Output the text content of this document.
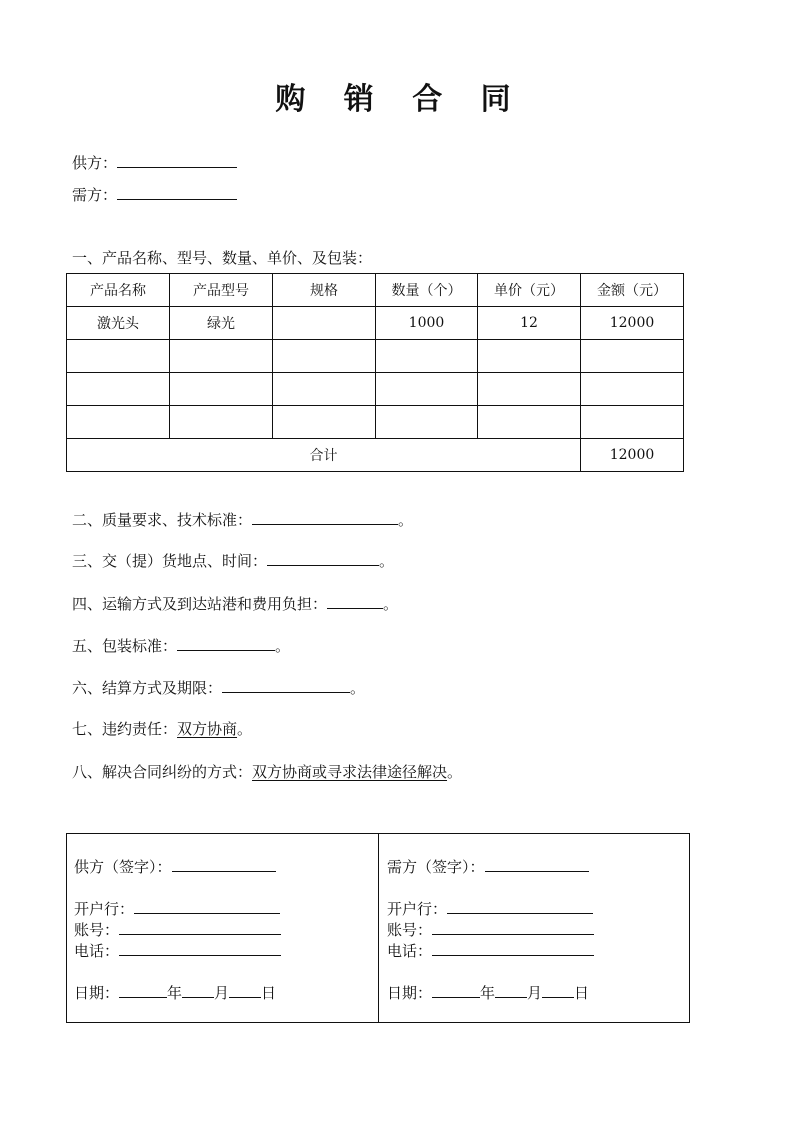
购 销 合 同
供方：
需方：
一、产品名称、型号、数量、单价、及包装：
产品名称	产品型号	规格	数量（个）	单价（元）	金额（元）
激光头	绿光		1000	12	12000

合计					12000
二、质量要求、技术标准：	。
三、交（提）货地点、时间：	。
四、运输方式及到达站港和费用负担：	。
五、包装标准：	。
六、结算方式及期限：	。
七、违约责任：双方协商。
八、解决合同纠纷的方式：双方协商或寻求法律途径解决。
供方（签字）：
开户行：
账号：
电话：
日期：	年 月 日
需方（签字）：
开户行：
账号：
电话：
日期：	年 月 日
